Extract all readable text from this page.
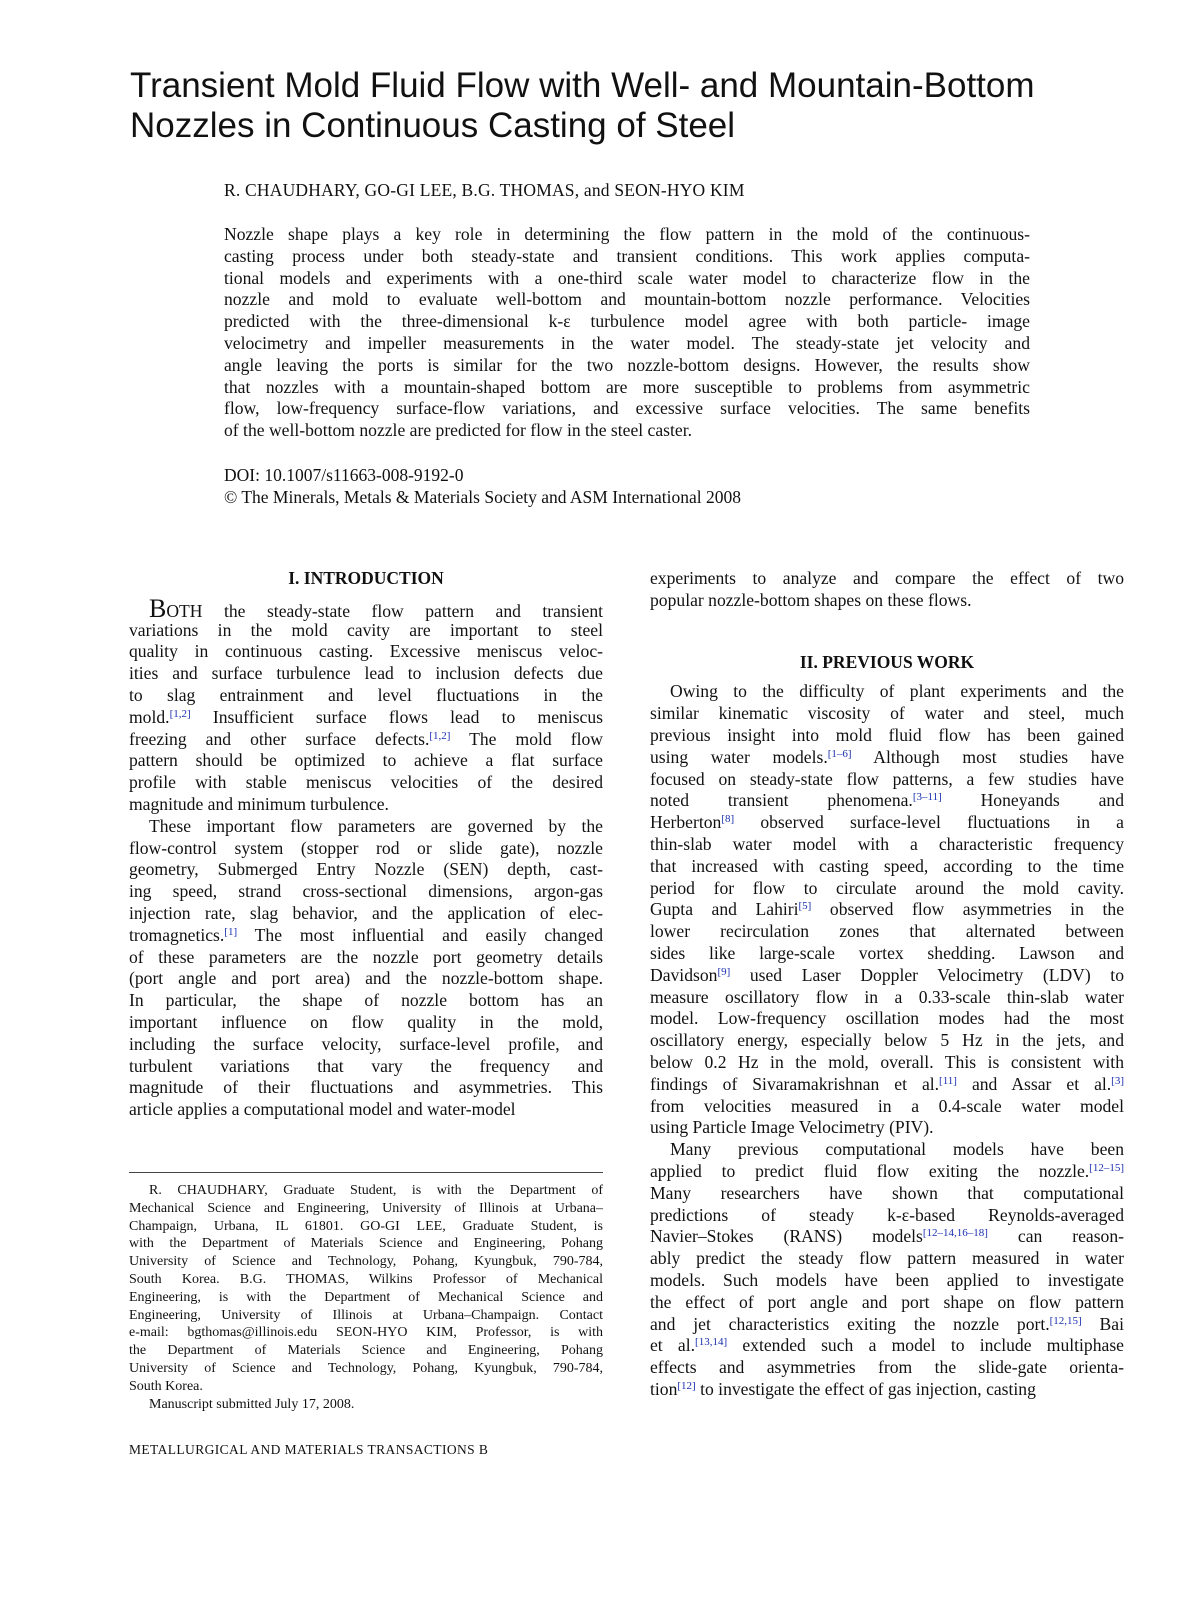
Transient Mold Fluid Flow with Well- and Mountain-Bottom
Nozzles in Continuous Casting of Steel
R. CHAUDHARY, GO-GI LEE, B.G. THOMAS, and SEON-HYO KIM
Nozzle shape plays a key role in determining the flow pattern in the mold of the continuous-
casting process under both steady-state and transient conditions. This work applies computa-
tional models and experiments with a one-third scale water model to characterize flow in the
nozzle and mold to evaluate well-bottom and mountain-bottom nozzle performance. Velocities
predicted with the three-dimensional k-ε turbulence model agree with both particle- image
velocimetry and impeller measurements in the water model. The steady-state jet velocity and
angle leaving the ports is similar for the two nozzle-bottom designs. However, the results show
that nozzles with a mountain-shaped bottom are more susceptible to problems from asymmetric
flow, low-frequency surface-flow variations, and excessive surface velocities. The same benefits
of the well-bottom nozzle are predicted for flow in the steel caster.
DOI: 10.1007/s11663-008-9192-0
© The Minerals, Metals & Materials Society and ASM International 2008
I. INTRODUCTION
BOTH the steady-state flow pattern and transient
variations in the mold cavity are important to steel
quality in continuous casting. Excessive meniscus veloc-
ities and surface turbulence lead to inclusion defects due
to slag entrainment and level fluctuations in the
mold.[1,2] Insufficient surface flows lead to meniscus
freezing and other surface defects.[1,2] The mold flow
pattern should be optimized to achieve a flat surface
profile with stable meniscus velocities of the desired
magnitude and minimum turbulence.
These important flow parameters are governed by the
flow-control system (stopper rod or slide gate), nozzle
geometry, Submerged Entry Nozzle (SEN) depth, cast-
ing speed, strand cross-sectional dimensions, argon-gas
injection rate, slag behavior, and the application of elec-
tromagnetics.[1] The most influential and easily changed
of these parameters are the nozzle port geometry details
(port angle and port area) and the nozzle-bottom shape.
In particular, the shape of nozzle bottom has an
important influence on flow quality in the mold,
including the surface velocity, surface-level profile, and
turbulent variations that vary the frequency and
magnitude of their fluctuations and asymmetries. This
article applies a computational model and water-model
R. CHAUDHARY, Graduate Student, is with the Department of
Mechanical Science and Engineering, University of Illinois at Urbana–
Champaign, Urbana, IL 61801. GO-GI LEE, Graduate Student, is
with the Department of Materials Science and Engineering, Pohang
University of Science and Technology, Pohang, Kyungbuk, 790-784,
South Korea. B.G. THOMAS, Wilkins Professor of Mechanical
Engineering, is with the Department of Mechanical Science and
Engineering, University of Illinois at Urbana–Champaign. Contact
e-mail: bgthomas@illinois.edu SEON-HYO KIM, Professor, is with
the Department of Materials Science and Engineering, Pohang
University of Science and Technology, Pohang, Kyungbuk, 790-784,
South Korea.
Manuscript submitted July 17, 2008.
experiments to analyze and compare the effect of two
popular nozzle-bottom shapes on these flows.
II. PREVIOUS WORK
Owing to the difficulty of plant experiments and the
similar kinematic viscosity of water and steel, much
previous insight into mold fluid flow has been gained
using water models.[1–6] Although most studies have
focused on steady-state flow patterns, a few studies have
noted transient phenomena.[3–11] Honeyands and
Herberton[8] observed surface-level fluctuations in a
thin-slab water model with a characteristic frequency
that increased with casting speed, according to the time
period for flow to circulate around the mold cavity.
Gupta and Lahiri[5] observed flow asymmetries in the
lower recirculation zones that alternated between
sides like large-scale vortex shedding. Lawson and
Davidson[9] used Laser Doppler Velocimetry (LDV) to
measure oscillatory flow in a 0.33-scale thin-slab water
model. Low-frequency oscillation modes had the most
oscillatory energy, especially below 5 Hz in the jets, and
below 0.2 Hz in the mold, overall. This is consistent with
findings of Sivaramakrishnan et al.[11] and Assar et al.[3]
from velocities measured in a 0.4-scale water model
using Particle Image Velocimetry (PIV).
Many previous computational models have been
applied to predict fluid flow exiting the nozzle.[12–15]
Many researchers have shown that computational
predictions of steady k-ε-based Reynolds-averaged
Navier–Stokes (RANS) models[12–14,16–18] can reason-
ably predict the steady flow pattern measured in water
models. Such models have been applied to investigate
the effect of port angle and port shape on flow pattern
and jet characteristics exiting the nozzle port.[12,15] Bai
et al.[13,14] extended such a model to include multiphase
effects and asymmetries from the slide-gate orienta-
tion[12] to investigate the effect of gas injection, casting
METALLURGICAL AND MATERIALS TRANSACTIONS B
